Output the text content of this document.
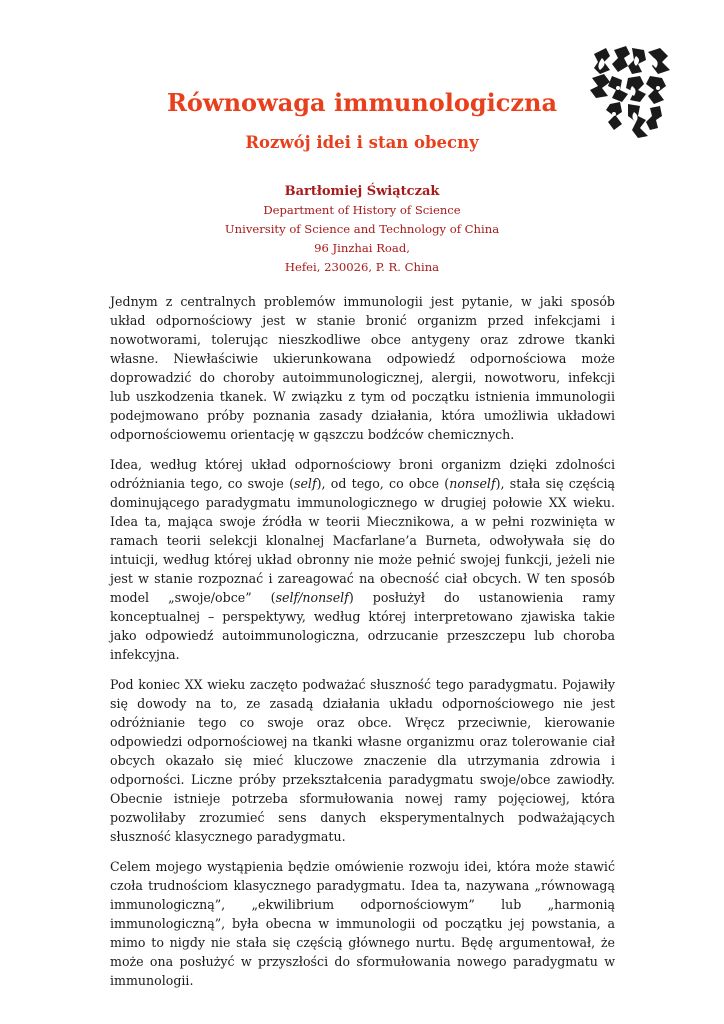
Równowaga immunologiczna
Rozwój idei i stan obecny
Bartłomiej Świątczak
Department of History of Science
University of Science and Technology of China
96 Jinzhai Road,
Hefei, 230026, P. R. China

Jednym z centralnych problemów immunologii jest pytanie, w jaki sposób układ odpornościowy jest w stanie bronić organizm przed infekcjami i nowotworami, tolerując nieszkodliwe obce antygeny oraz zdrowe tkanki własne. Niewłaściwie ukierunkowana odpowiedź odpornościowa może doprowadzić do choroby autoimmunologicznej, alergii, nowotworu, infekcji lub uszkodzenia tkanek. W związku z tym od początku istnienia immunologii podejmowano próby poznania zasady działania, która umożliwia układowi odpornościowemu orientację w gąszczu bodźców chemicznych.

Idea, według której układ odpornościowy broni organizm dzięki zdolności odróżniania tego, co swoje (self), od tego, co obce (nonself), stała się częścią dominującego paradygmatu immunologicznego w drugiej połowie XX wieku. Idea ta, mająca swoje źródła w teorii Miecznikowa, a w pełni rozwinięta w ramach teorii selekcji klonalnej Macfarlane’a Burneta, odwoływała się do intuicji, według której układ obronny nie może pełnić swojej funkcji, jeżeli nie jest w stanie rozpoznać i zareagować na obecność ciał obcych. W ten sposób model „swoje/obce” (self/nonself) posłużył do ustanowienia ramy konceptualnej – perspektywy, według której interpretowano zjawiska takie jako odpowiedź autoimmunologiczna, odrzucanie przeszczepu lub choroba infekcyjna.

Pod koniec XX wieku zaczęto podważać słuszność tego paradygmatu. Pojawiły się dowody na to, ze zasadą działania układu odpornościowego nie jest odróżnianie tego co swoje oraz obce. Wręcz przeciwnie, kierowanie odpowiedzi odpornościowej na tkanki własne organizmu oraz tolerowanie ciał obcych okazało się mieć kluczowe znaczenie dla utrzymania zdrowia i odporności. Liczne próby przekształcenia paradygmatu swoje/obce zawiodły. Obecnie istnieje potrzeba sformułowania nowej ramy pojęciowej, która pozwoliłaby zrozumieć sens danych eksperymentalnych podważających słuszność klasycznego paradygmatu.

Celem mojego wystąpienia będzie omówienie rozwoju idei, która może stawić czoła trudnościom klasycznego paradygmatu. Idea ta, nazywana „równowagą immunologiczną”, „ekwilibrium odpornościowym” lub „harmonią immunologiczną”, była obecna w immunologii od początku jej powstania, a mimo to nigdy nie stała się częścią głównego nurtu. Będę argumentował, że może ona posłużyć w przyszłości do sformułowania nowego paradygmatu w immunologii.
